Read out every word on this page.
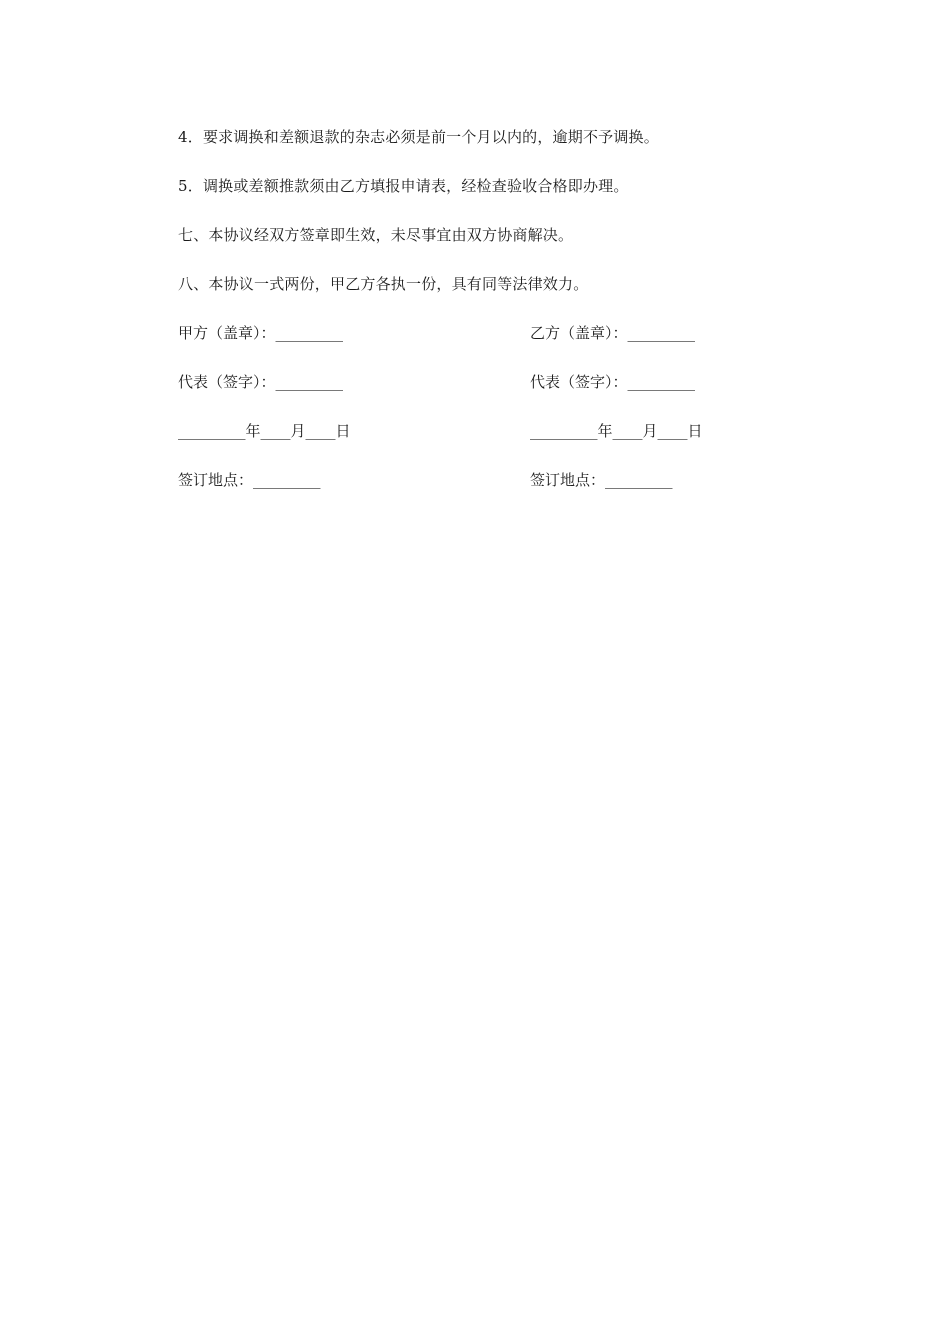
4．要求调换和差额退款的杂志必须是前一个月以内的，逾期不予调换。
5．调换或差额推款须由乙方填报申请表，经检查验收合格即办理。
七、本协议经双方签章即生效，未尽事宜由双方协商解决。
八、本协议一式两份，甲乙方各执一份，具有同等法律效力。
甲方（盖章）：_________	乙方（盖章）：_________
代表（签字）：_________	代表（签字）：_________
_________年____月____日	_________年____月____日
签订地点：_________	签订地点：_________
